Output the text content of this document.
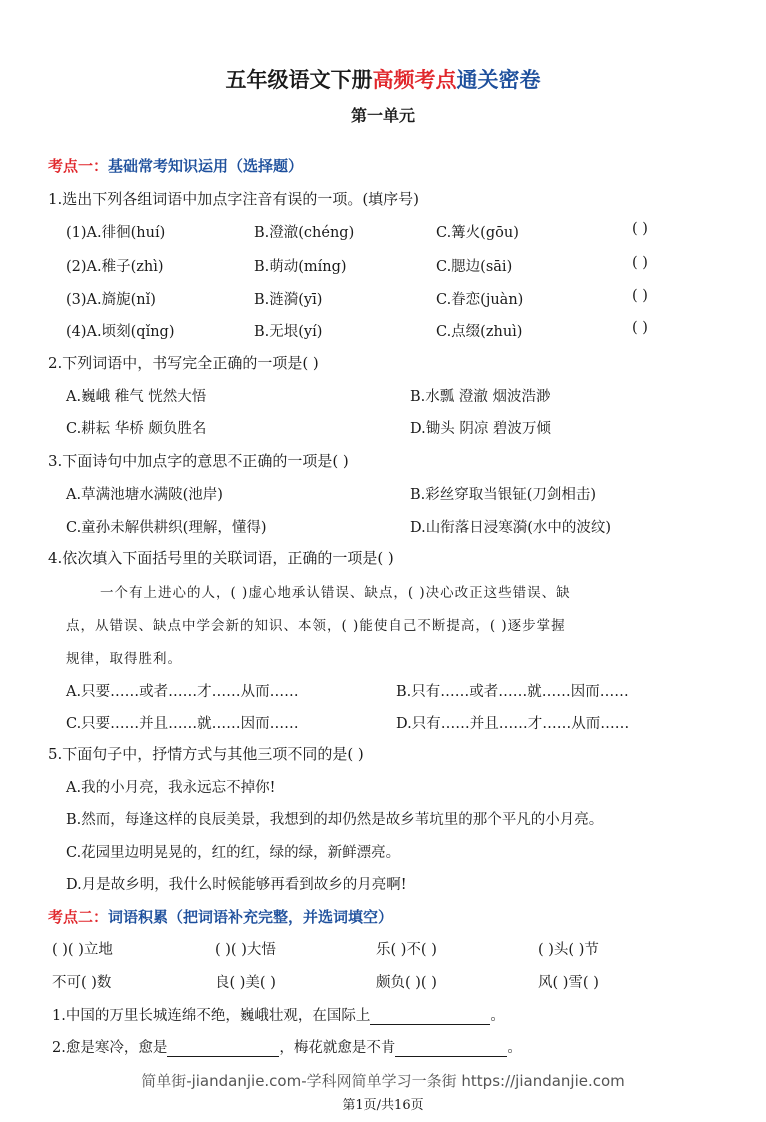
五年级语文下册高频考点通关密卷
第一单元
考点一：基础常考知识运用（选择题）
1.选出下列各组词语中加点字注音有误的一项。(填序号)
(1)A.徘徊(huí)	B.澄澈(chéng)	C.篝火(gōu)	( )
(2)A.稚子(zhì)	B.萌动(míng)	C.腮边(sāi)	( )
(3)A.旖旎(nǐ)	B.涟漪(yī)	C.眷恋(juàn)	( )
(4)A.顷刻(qǐng)	B.无垠(yí)	C.点缀(zhuì)	( )
2.下列词语中，书写完全正确的一项是( )
A.巍峨 稚气 恍然大悟	B.水瓢 澄澈 烟波浩渺
C.耕耘 华桥 颇负胜名	D.锄头 阴凉 碧波万倾
3.下面诗句中加点字的意思不正确的一项是( )
A.草满池塘水满陂(池岸)	B.彩丝穿取当银钲(刀剑相击)
C.童孙未解供耕织(理解，懂得)	D.山衔落日浸寒漪(水中的波纹)
4.依次填入下面括号里的关联词语，正确的一项是( )
一个有上进心的人，( )虚心地承认错误、缺点，( )决心改正这些错误、缺
点，从错误、缺点中学会新的知识、本领，( )能使自己不断提高，( )逐步掌握
规律，取得胜利。
A.只要……或者……才……从而……	B.只有……或者……就……因而……
C.只要……并且……就……因而……	D.只有……并且……才……从而……
5.下面句子中，抒情方式与其他三项不同的是( )
A.我的小月亮，我永远忘不掉你!
B.然而，每逢这样的良辰美景，我想到的却仍然是故乡苇坑里的那个平凡的小月亮。
C.花园里边明晃晃的，红的红，绿的绿，新鲜漂亮。
D.月是故乡明，我什么时候能够再看到故乡的月亮啊!
考点二：词语积累（把词语补充完整，并选词填空）
( )( )立地	( )( )大悟	乐( )不( )	( )头( )节
不可( )数	良( )美( )	颇负( )( )	风( )雪( )
1.中国的万里长城连绵不绝，巍峨壮观，在国际上	。
2.愈是寒冷，愈是	，梅花就愈是不肯	。
简单街-jiandanjie.com-学科网简单学习一条街 https://jiandanjie.com
第1页/共16页
